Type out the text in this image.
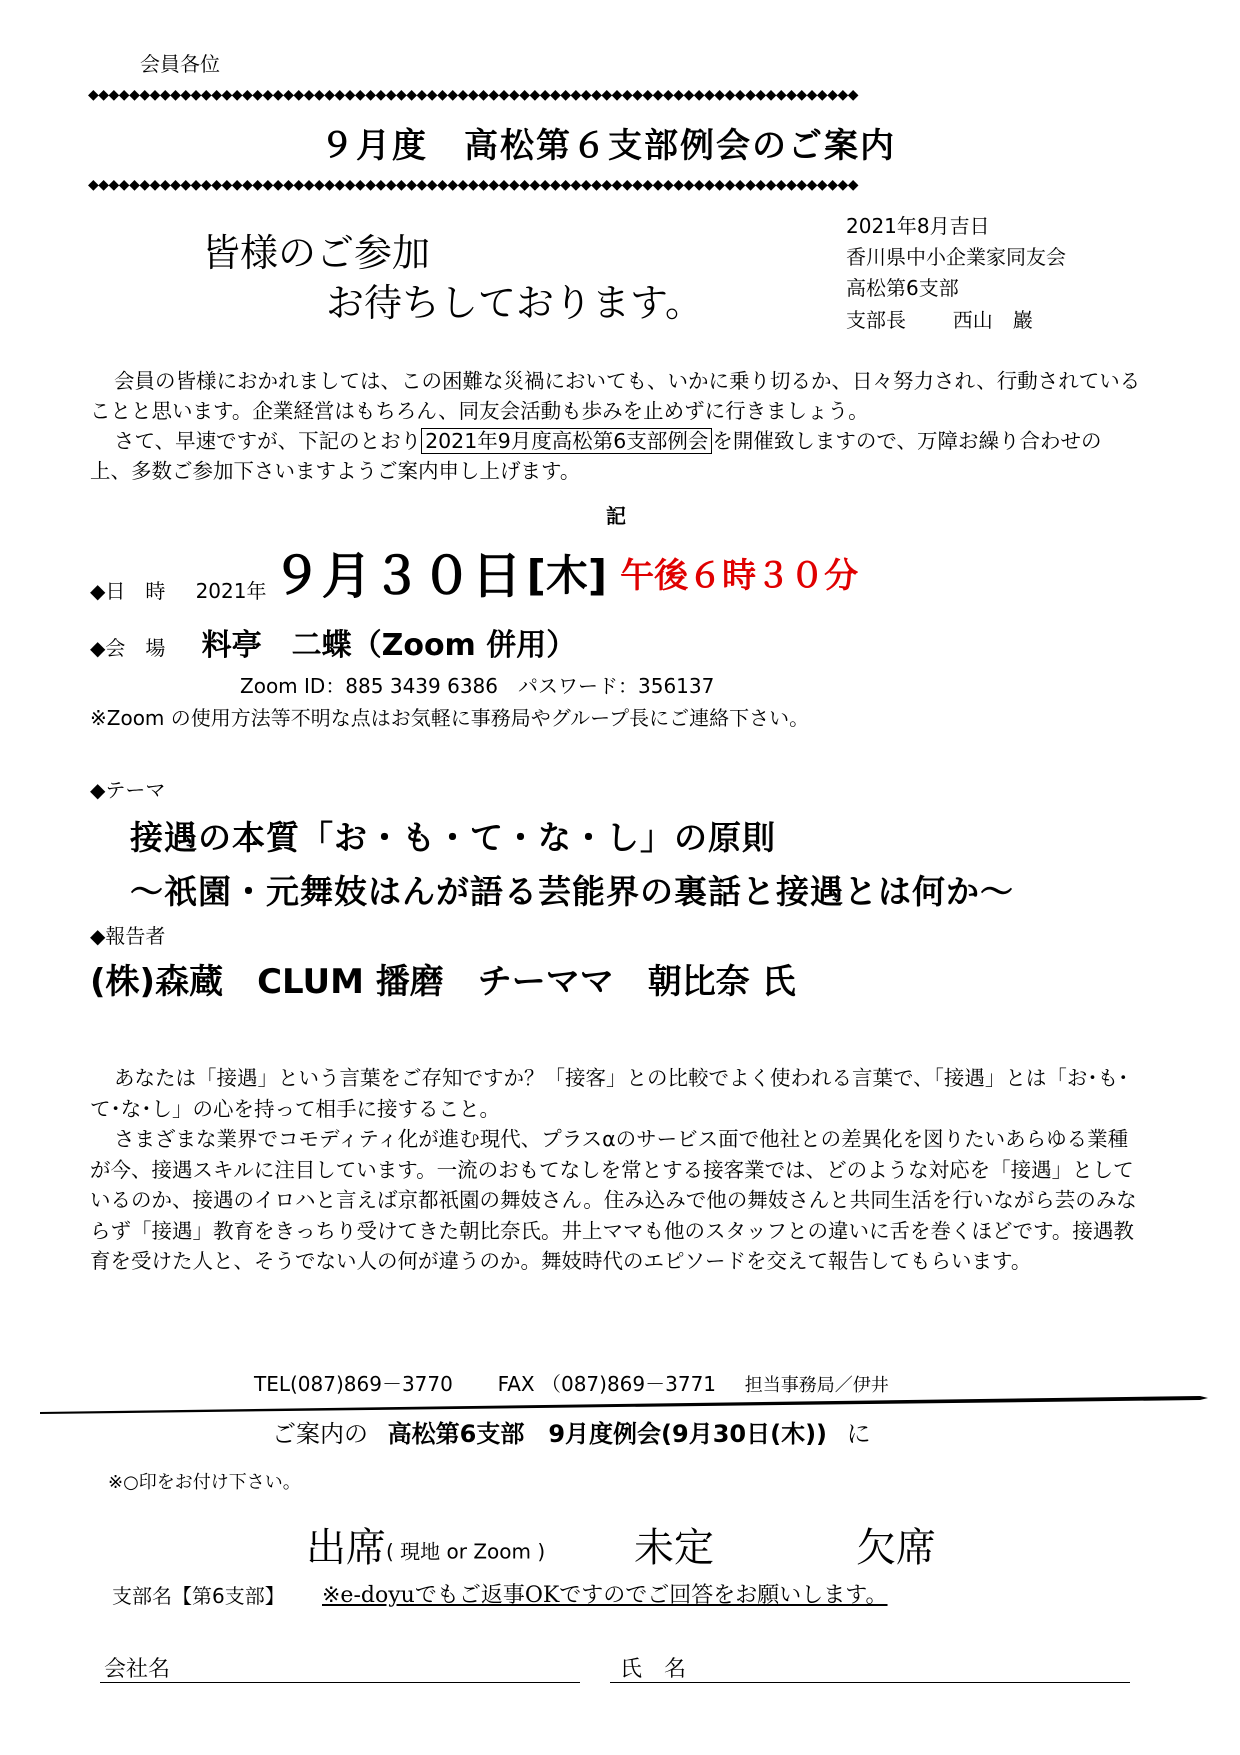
会員各位
◆◆◆◆◆◆◆◆◆◆◆◆◆◆◆◆◆◆◆◆◆◆◆◆◆◆◆◆◆◆◆◆◆◆◆◆◆◆◆◆◆◆◆◆◆◆◆◆◆◆◆◆◆◆◆◆◆◆◆◆◆◆◆◆◆◆◆◆◆◆◆◆◆◆◆
９月度　高松第６支部例会のご案内
◆◆◆◆◆◆◆◆◆◆◆◆◆◆◆◆◆◆◆◆◆◆◆◆◆◆◆◆◆◆◆◆◆◆◆◆◆◆◆◆◆◆◆◆◆◆◆◆◆◆◆◆◆◆◆◆◆◆◆◆◆◆◆◆◆◆◆◆◆◆◆◆◆◆◆
皆様のご参加
お待ちしております。
2021年8月吉日
香川県中小企業家同友会
高松第6支部
支部長 西山　巖

会員の皆様におかれましては、この困難な災禍においても、いかに乗り切るか、日々努力され、行動されていることと思います。企業経営はもちろん、同友会活動も歩みを止めずに行きましょう。

さて、早速ですが、下記のとおり 2021年9月度高松第6支部例会 を開催致しますので、万障お繰り合わせの上、多数ご参加下さいますようご案内申し上げます。

記
◆日　時 2021年 ９月３０日 [木] 午後６時３０分
◆会　場 料亭　二蝶（Zoom 併用）
Zoom ID：885 3439 6386　パスワード：356137
※Zoom の使用方法等不明な点はお気軽に事務局やグループ長にご連絡下さい。
◆テーマ
接遇の本質「お・も・て・な・し」の原則
～祇園・元舞妓はんが語る芸能界の裏話と接遇とは何か～
◆報告者
(株)森蔵　CLUM 播磨　チーママ　朝比奈 氏

あなたは「接遇」という言葉をご存知ですか？「接客」との比較でよく使われる言葉で、「接遇」とは「お･も･て･な･し」の心を持って相手に接すること。

さまざまな業界でコモディティ化が進む現代、プラスαのサービス面で他社との差異化を図りたいあらゆる業種が今、接遇スキルに注目しています。一流のおもてなしを常とする接客業では、どのような対応を「接遇」としているのか、接遇のイロハと言えば京都祇園の舞妓さん。住み込みで他の舞妓さんと共同生活を行いながら芸のみならず「接遇」教育をきっちり受けてきた朝比奈氏。井上ママも他のスタッフとの違いに舌を巻くほどです。接遇教育を受けた人と、そうでない人の何が違うのか。舞妓時代のエピソードを交えて報告してもらいます。

TEL(087)869－3770 FAX （087)869－3771 担当事務局／伊井
ご案内の 高松第6支部　9月度例会(9月30日(木)) に
※○印をお付け下さい。
出席( 現地 or Zoom ) 未定	欠席
支部名【第6支部】 ※e-doyuでもご返事OKですのでご回答をお願いします。
会社名	氏　名
